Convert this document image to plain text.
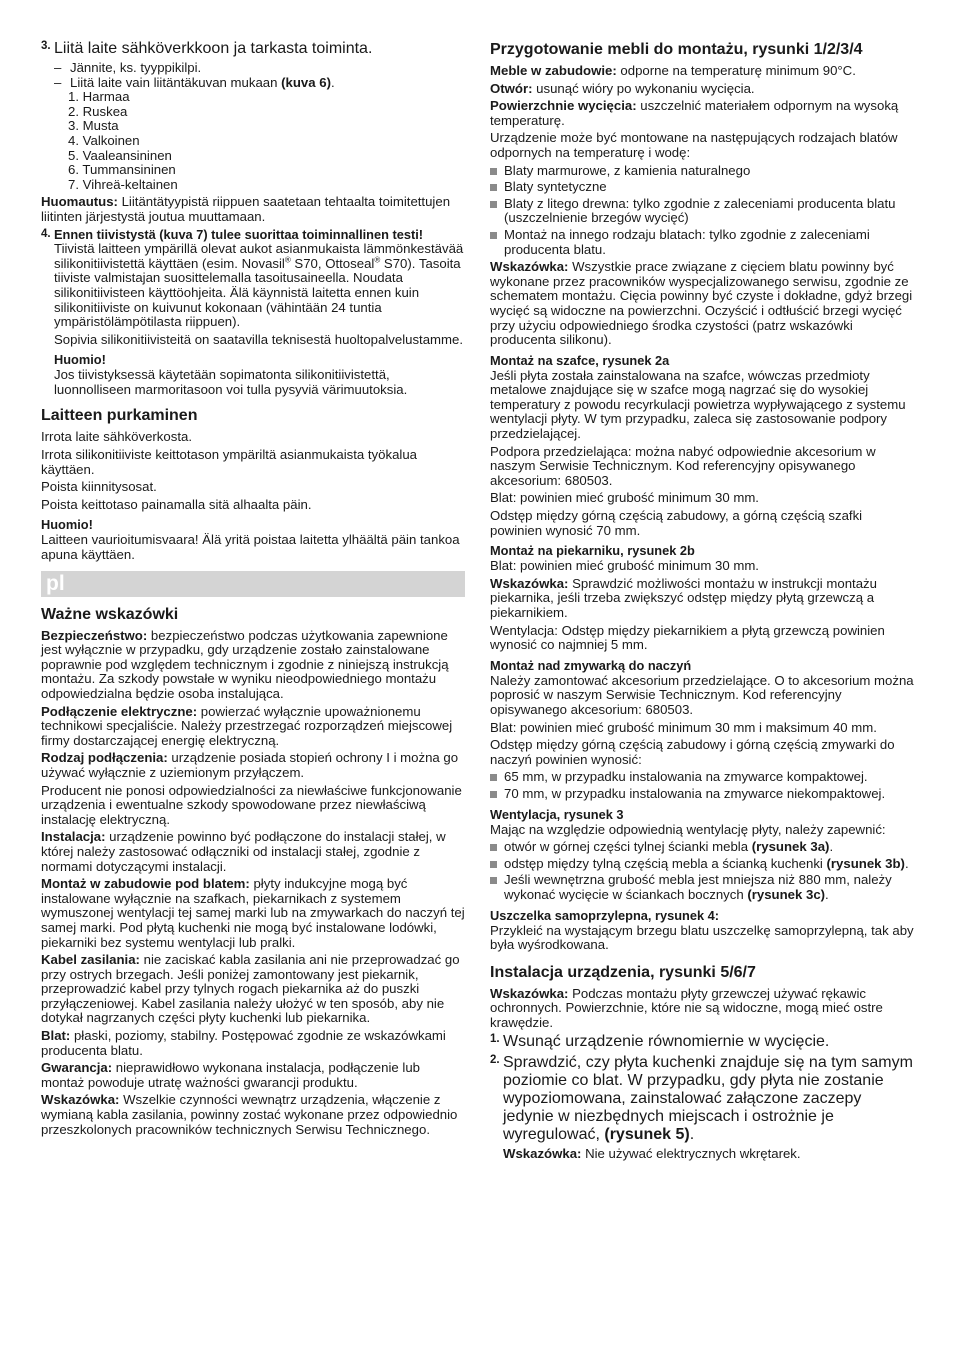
3. Liitä laite sähköverkkoon ja tarkasta toiminta.
– Jännite, ks. tyyppikilpi.
– Liitä laite vain liitäntäkuvan mukaan (kuva 6).
1. Harmaa
2. Ruskea
3. Musta
4. Valkoinen
5. Vaaleansininen
6. Tummansininen
7. Vihreä-keltainen

Huomautus: Liitäntätyypistä riippuen saatetaan tehtaalta toimitettujen liitinten järjestystä joutua muuttamaan.

4. Ennen tiivistystä (kuva 7) tulee suorittaa toiminnallinen testi!

Tiivistä laitteen ympärillä olevat aukot asianmukaista lämmönkestävää silikonitiivistettä käyttäen (esim. Novasil® S70, Ottoseal® S70). Tasoita tiiviste valmistajan suosittelemalla tasoitusaineella. Noudata silikonitiivisteen käyttöohjeita. Älä käynnistä laitetta ennen kuin silikonitiiviste on kuivunut kokonaan (vähintään 24 tuntia ympäristölämpötilasta riippuen).

Sopivia silikonitiivisteitä on saatavilla teknisestä huoltopalvelustamme.

Huomio!

Jos tiivistyksessä käytetään sopimatonta silikonitiivistettä, luonnolliseen marmoritasoon voi tulla pysyviä värimuutoksia.

Laitteen purkaminen

Irrota laite sähköverkosta.

Irrota silikonitiiviste keittotason ympäriltä asianmukaista työkalua käyttäen.

Poista kiinnitysosat.

Poista keittotaso painamalla sitä alhaalta päin.

Huomio!

Laitteen vaurioitumisvaara! Älä yritä poistaa laitetta ylhäältä päin tankoa apuna käyttäen.

pl
Ważne wskazówki

Bezpieczeństwo: bezpieczeństwo podczas użytkowania zapewnione jest wyłącznie w przypadku, gdy urządzenie zostało zainstalowane poprawnie pod względem technicznym i zgodnie z niniejszą instrukcją montażu. Za szkody powstałe w wyniku nieodpowiedniego montażu odpowiedzialna będzie osoba instalująca.

Podłączenie elektryczne: powierzać wyłącznie upoważnionemu technikowi specjaliście. Należy przestrzegać rozporządzeń miejscowej firmy dostarczającej energię elektryczną.

Rodzaj podłączenia: urządzenie posiada stopień ochrony I i można go używać wyłącznie z uziemionym przyłączem.

Producent nie ponosi odpowiedzialności za niewłaściwe funkcjonowanie urządzenia i ewentualne szkody spowodowane przez niewłaściwą instalację elektryczną.

Instalacja: urządzenie powinno być podłączone do instalacji stałej, w której należy zastosować odłączniki od instalacji stałej, zgodnie z normami dotyczącymi instalacji.

Montaż w zabudowie pod blatem: płyty indukcyjne mogą być instalowane wyłącznie na szafkach, piekarnikach z systemem wymuszonej wentylacji tej samej marki lub na zmywarkach do naczyń tej samej marki. Pod płytą kuchenki nie mogą być instalowane lodówki, piekarniki bez systemu wentylacji lub pralki.

Kabel zasilania: nie zaciskać kabla zasilania ani nie przeprowadzać go przy ostrych brzegach. Jeśli poniżej zamontowany jest piekarnik, przeprowadzić kabel przy tylnych rogach piekarnika aż do puszki przyłączeniowej. Kabel zasilania należy ułożyć w ten sposób, aby nie dotykał nagrzanych części płyty kuchenki lub piekarnika.

Blat: płaski, poziomy, stabilny. Postępować zgodnie ze wskazówkami producenta blatu.

Gwarancja: nieprawidłowo wykonana instalacja, podłączenie lub montaż powoduje utratę ważności gwarancji produktu.

Wskazówka: Wszelkie czynności wewnątrz urządzenia, włączenie z wymianą kabla zasilania, powinny zostać wykonane przez odpowiednio przeszkolonych pracowników technicznych Serwisu Technicznego.

Przygotowanie mebli do montażu, rysunki 1/2/3/4

Meble w zabudowie: odporne na temperaturę minimum 90°C.

Otwór: usunąć wióry po wykonaniu wycięcia.

Powierzchnie wycięcia: uszczelnić materiałem odpornym na wysoką temperaturę.

Urządzenie może być montowane na następujących rodzajach blatów odpornych na temperaturę i wodę:

Blaty marmurowe, z kamienia naturalnego
Blaty syntetyczne
Blaty z litego drewna: tylko zgodnie z zaleceniami producenta blatu (uszczelnienie brzegów wycięć)
Montaż na innego rodzaju blatach: tylko zgodnie z zaleceniami producenta blatu.

Wskazówka: Wszystkie prace związane z cięciem blatu powinny być wykonane przez pracowników wyspecjalizowanego serwisu, zgodnie ze schematem montażu. Cięcia powinny być czyste i dokładne, gdyż brzegi wycięć są widoczne na powierzchni. Oczyścić i odtłuścić brzegi wycięć przy użyciu odpowiedniego środka czystości (patrz wskazówki producenta silikonu).

Montaż na szafce, rysunek 2a

Jeśli płyta została zainstalowana na szafce, wówczas przedmioty metalowe znajdujące się w szafce mogą nagrzać się do wysokiej temperatury z powodu recyrkulacji powietrza wypływającego z systemu wentylacji płyty. W tym przypadku, zaleca się zastosowanie podpory przedzielającej.

Podpora przedzielająca: można nabyć odpowiednie akcesorium w naszym Serwisie Technicznym. Kod referencyjny opisywanego akcesorium: 680503.

Blat: powinien mieć grubość minimum 30 mm.

Odstęp między górną częścią zabudowy, a górną częścią szafki powinien wynosić 70 mm.

Montaż na piekarniku, rysunek 2b

Blat: powinien mieć grubość minimum 30 mm.

Wskazówka: Sprawdzić możliwości montażu w instrukcji montażu piekarnika, jeśli trzeba zwiększyć odstęp między płytą grzewczą a piekarnikiem.

Wentylacja: Odstęp między piekarnikiem a płytą grzewczą powinien wynosić co najmniej 5 mm.

Montaż nad zmywarką do naczyń

Należy zamontować akcesorium przedzielające. O to akcesorium można poprosić w naszym Serwisie Technicznym. Kod referencyjny opisywanego akcesorium: 680503.

Blat: powinien mieć grubość minimum 30 mm i maksimum 40 mm.

Odstęp między górną częścią zabudowy i górną częścią zmywarki do naczyń powinien wynosić:

65 mm, w przypadku instalowania na zmywarce kompaktowej.
70 mm, w przypadku instalowania na zmywarce niekompaktowej.
Wentylacja, rysunek 3

Mając na względzie odpowiednią wentylację płyty, należy zapewnić:

otwór w górnej części tylnej ścianki mebla (rysunek 3a).
odstęp między tylną częścią mebla a ścianką kuchenki (rysunek 3b).
Jeśli wewnętrzna grubość mebla jest mniejsza niż 880 mm, należy wykonać wycięcie w ściankach bocznych (rysunek 3c).
Uszczelka samoprzylepna, rysunek 4:

Przykleić na wystającym brzegu blatu uszczelkę samoprzylepną, tak aby była wyśrodkowana.

Instalacja urządzenia, rysunki 5/6/7

Wskazówka: Podczas montażu płyty grzewczej używać rękawic ochronnych. Powierzchnie, które nie są widoczne, mogą mieć ostre krawędzie.

1. Wsunąć urządzenie równomiernie w wycięcie.
2. Sprawdzić, czy płyta kuchenki znajduje się na tym samym poziomie co blat. W przypadku, gdy płyta nie zostanie wypoziomowana, zainstalować załączone zaczepy jedynie w niezbędnych miejscach i ostrożnie je wyregulować, (rysunek 5).

Wskazówka: Nie używać elektrycznych wkrętarek.
